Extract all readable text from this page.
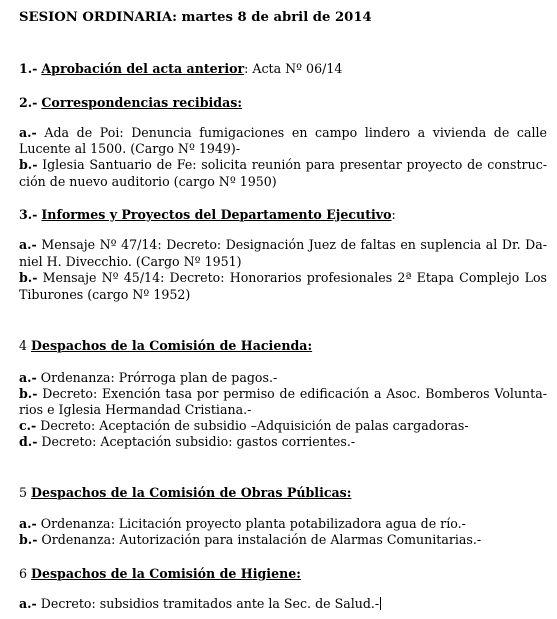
SESION ORDINARIA: martes 8 de abril de 2014
1.- Aprobación del acta anterior: Acta Nº 06/14
2.- Correspondencias recibidas:
a.- Ada de Poi: Denuncia fumigaciones en campo lindero a vivienda de calle
Lucente al 1500. (Cargo Nº 1949)-
b.- Iglesia Santuario de Fe: solicita reunión para presentar proyecto de construc-
ción de nuevo auditorio (cargo Nº 1950)
3.- Informes y Proyectos del Departamento Ejecutivo:
a.- Mensaje Nº 47/14: Decreto: Designación Juez de faltas en suplencia al Dr. Da-
niel H. Divecchio. (Cargo Nº 1951)
b.- Mensaje Nº 45/14: Decreto: Honorarios profesionales 2ª Etapa Complejo Los
Tiburones (cargo Nº 1952)
4 Despachos de la Comisión de Hacienda:
a.- Ordenanza: Prórroga plan de pagos.-
b.- Decreto: Exención tasa por permiso de edificación a Asoc. Bomberos Volunta-
rios e Iglesia Hermandad Cristiana.-
c.- Decreto: Aceptación de subsidio –Adquisición de palas cargadoras-
d.- Decreto: Aceptación subsidio: gastos corrientes.-
5 Despachos de la Comisión de Obras Públicas:
a.- Ordenanza: Licitación proyecto planta potabilizadora agua de río.-
b.- Ordenanza: Autorización para instalación de Alarmas Comunitarias.-
6 Despachos de la Comisión de Higiene:
a.- Decreto: subsidios tramitados ante la Sec. de Salud.-
